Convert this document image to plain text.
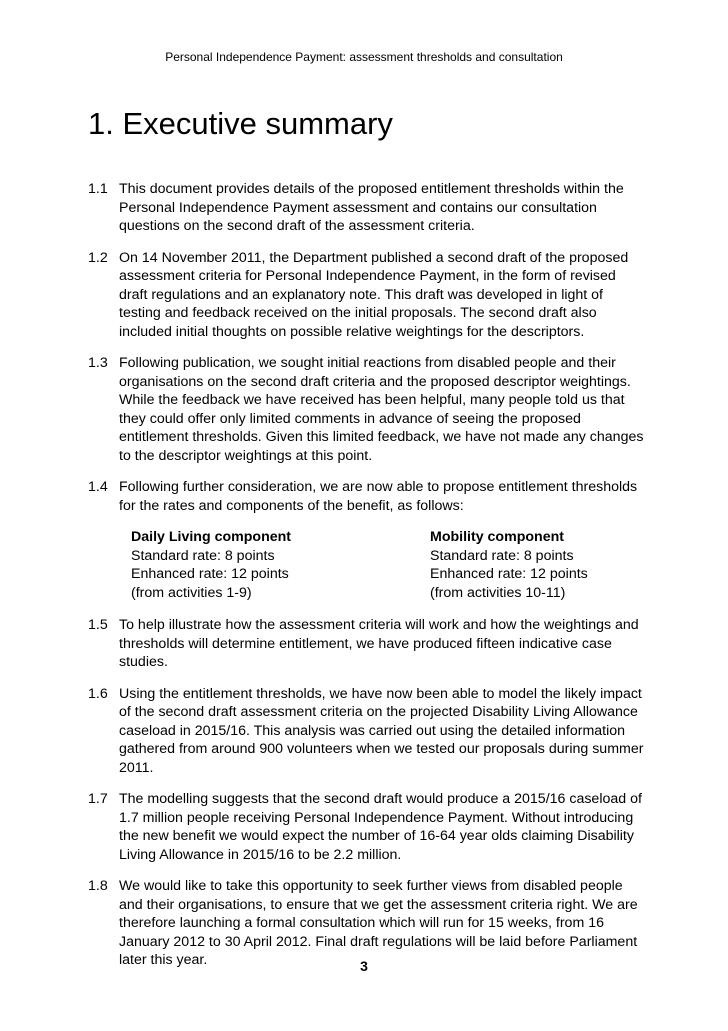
Personal Independence Payment: assessment thresholds and consultation
1. Executive summary
1.1 This document provides details of the proposed entitlement thresholds within the Personal Independence Payment assessment and contains our consultation questions on the second draft of the assessment criteria.
1.2 On 14 November 2011, the Department published a second draft of the proposed assessment criteria for Personal Independence Payment, in the form of revised draft regulations and an explanatory note. This draft was developed in light of testing and feedback received on the initial proposals. The second draft also included initial thoughts on possible relative weightings for the descriptors.
1.3 Following publication, we sought initial reactions from disabled people and their organisations on the second draft criteria and the proposed descriptor weightings. While the feedback we have received has been helpful, many people told us that they could offer only limited comments in advance of seeing the proposed entitlement thresholds. Given this limited feedback, we have not made any changes to the descriptor weightings at this point.
1.4 Following further consideration, we are now able to propose entitlement thresholds for the rates and components of the benefit, as follows:
Daily Living component
Standard rate: 8 points
Enhanced rate: 12 points
(from activities 1-9)
Mobility component
Standard rate: 8 points
Enhanced rate: 12 points
(from activities 10-11)
1.5 To help illustrate how the assessment criteria will work and how the weightings and thresholds will determine entitlement, we have produced fifteen indicative case studies.
1.6 Using the entitlement thresholds, we have now been able to model the likely impact of the second draft assessment criteria on the projected Disability Living Allowance caseload in 2015/16. This analysis was carried out using the detailed information gathered from around 900 volunteers when we tested our proposals during summer 2011.
1.7 The modelling suggests that the second draft would produce a 2015/16 caseload of 1.7 million people receiving Personal Independence Payment. Without introducing the new benefit we would expect the number of 16-64 year olds claiming Disability Living Allowance in 2015/16 to be 2.2 million.
1.8 We would like to take this opportunity to seek further views from disabled people and their organisations, to ensure that we get the assessment criteria right. We are therefore launching a formal consultation which will run for 15 weeks, from 16 January 2012 to 30 April 2012. Final draft regulations will be laid before Parliament later this year.	3
